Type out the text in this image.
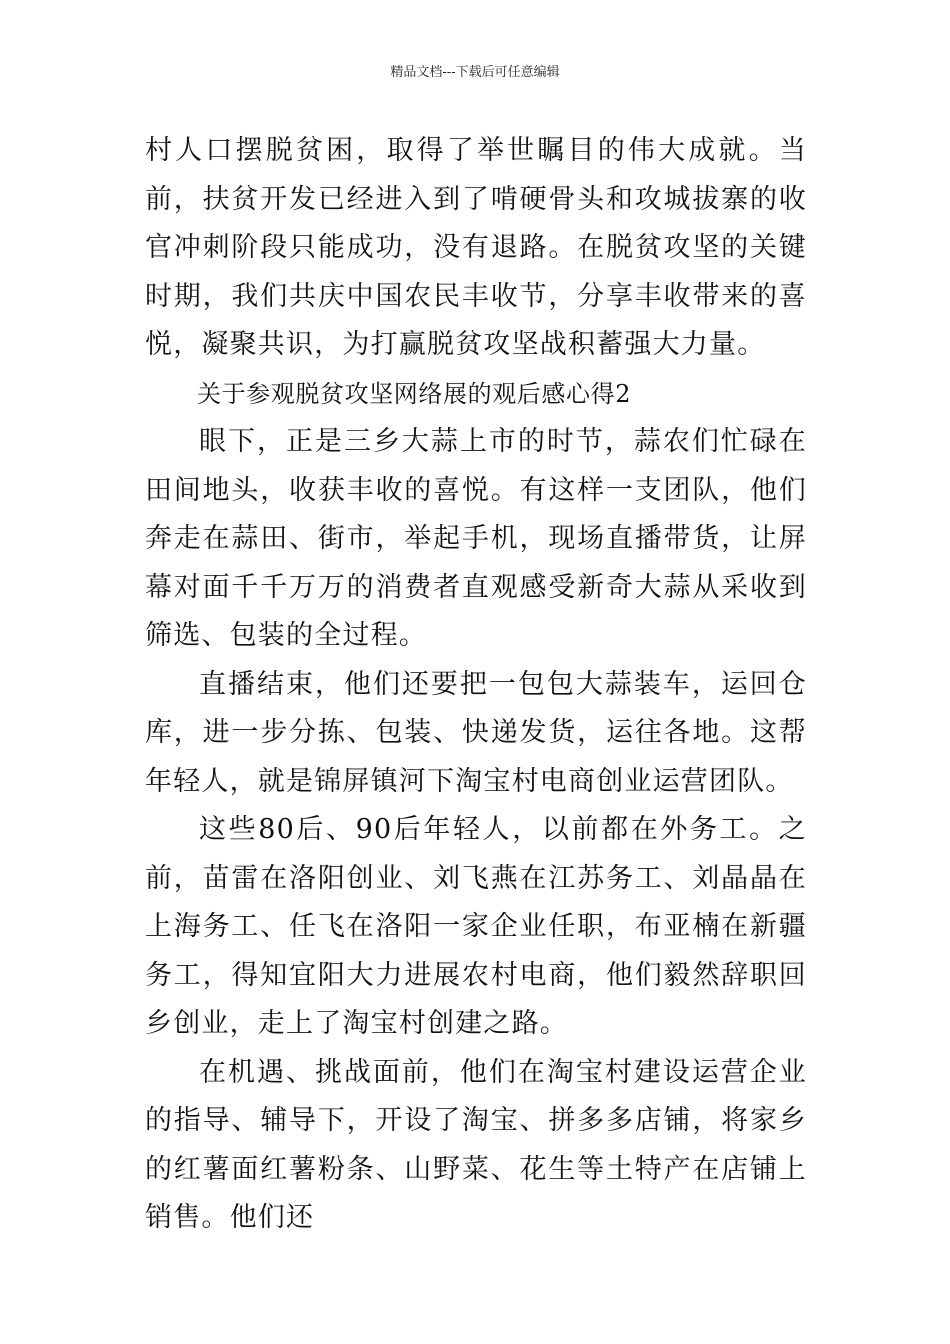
精品文档---下载后可任意编辑

村人口摆脱贫困，取得了举世瞩目的伟大成就。当前，扶贫开发已经进入到了啃硬骨头和攻城拔寨的收官冲刺阶段只能成功，没有退路。在脱贫攻坚的关键时期，我们共庆中国农民丰收节，分享丰收带来的喜悦，凝聚共识，为打赢脱贫攻坚战积蓄强大力量。

关于参观脱贫攻坚网络展的观后感心得2

眼下，正是三乡大蒜上市的时节，蒜农们忙碌在田间地头，收获丰收的喜悦。有这样一支团队，他们奔走在蒜田、街市，举起手机，现场直播带货，让屏幕对面千千万万的消费者直观感受新奇大蒜从采收到筛选、包装的全过程。

直播结束，他们还要把一包包大蒜装车，运回仓库，进一步分拣、包装、快递发货，运往各地。这帮年轻人，就是锦屏镇河下淘宝村电商创业运营团队。

这些80后、90后年轻人，以前都在外务工。之前，苗雷在洛阳创业、刘飞燕在江苏务工、刘晶晶在上海务工、任飞在洛阳一家企业任职，布亚楠在新疆务工，得知宜阳大力进展农村电商，他们毅然辞职回乡创业，走上了淘宝村创建之路。

在机遇、挑战面前，他们在淘宝村建设运营企业的指导、辅导下，开设了淘宝、拼多多店铺，将家乡的红薯面红薯粉条、山野菜、花生等土特产在店铺上销售。他们还
